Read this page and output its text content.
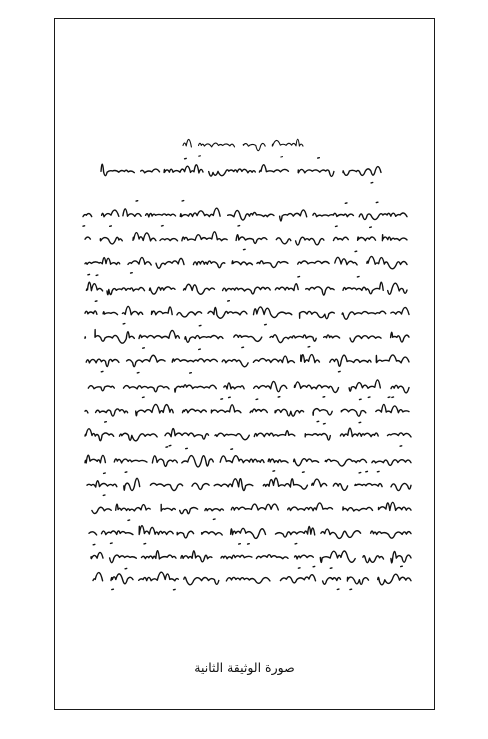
صورة الوثيقة الثانية
